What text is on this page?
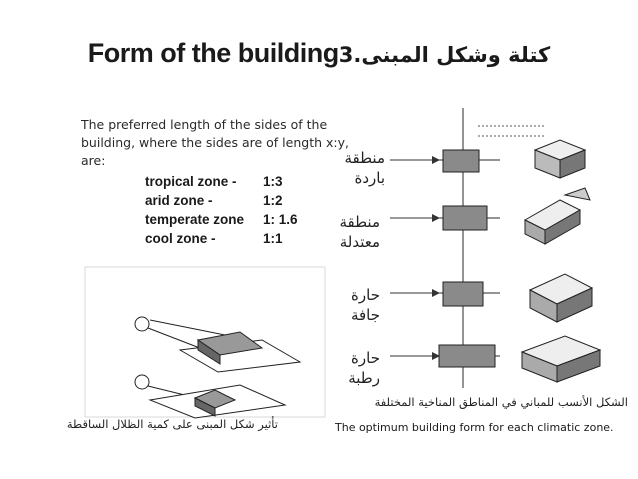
Form of the building3.كتلة وشكل المبنى
The preferred length of the sides of the building, where the sides are of length x:y, are:
tropical zone -	1:3
arid zone -	1:2
temperate zone	1: 1.6
cool zone -	1:1
منطقة باردة
منطقة معتدلة
حارة جافة
حارة رطبة
الشكل الأنسب للمباني في المناطق المناخية المختلفة
The optimum building form for each climatic zone.
تأثير شكل المبنى على كمية الظلال الساقطة
